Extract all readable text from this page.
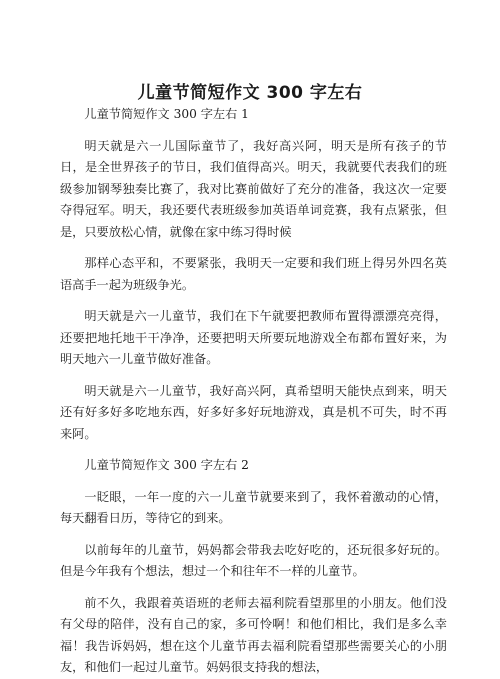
儿童节简短作文 300 字左右

儿童节简短作文 300 字左右 1

明天就是六一儿国际童节了，我好高兴阿，明天是所有孩子的节日，是全世界孩子的节日，我们值得高兴。明天，我就要代表我们的班级参加钢琴独奏比赛了，我对比赛前做好了充分的准备，我这次一定要夺得冠军。明天，我还要代表班级参加英语单词竞赛，我有点紧张，但是，只要放松心情，就像在家中练习得时候

那样心态平和，不要紧张，我明天一定要和我们班上得另外四名英语高手一起为班级争光。

明天就是六一儿童节，我们在下午就要把教师布置得漂漂亮亮得，还要把地托地干干净净，还要把明天所要玩地游戏全布都布置好来，为明天地六一儿童节做好准备。

明天就是六一儿童节，我好高兴阿，真希望明天能快点到来，明天还有好多好多吃地东西，好多好多好玩地游戏，真是机不可失，时不再来阿。

儿童节简短作文 300 字左右 2

一眨眼，一年一度的六一儿童节就要来到了，我怀着激动的心情，每天翻看日历，等待它的到来。

以前每年的儿童节，妈妈都会带我去吃好吃的，还玩很多好玩的。但是今年我有个想法，想过一个和往年不一样的儿童节。

前不久，我跟着英语班的老师去福利院看望那里的小朋友。他们没有父母的陪伴，没有自己的家，多可怜啊！和他们相比，我们是多么幸福！我告诉妈妈，想在这个儿童节再去福利院看望那些需要关心的小朋友，和他们一起过儿童节。妈妈很支持我的想法，
